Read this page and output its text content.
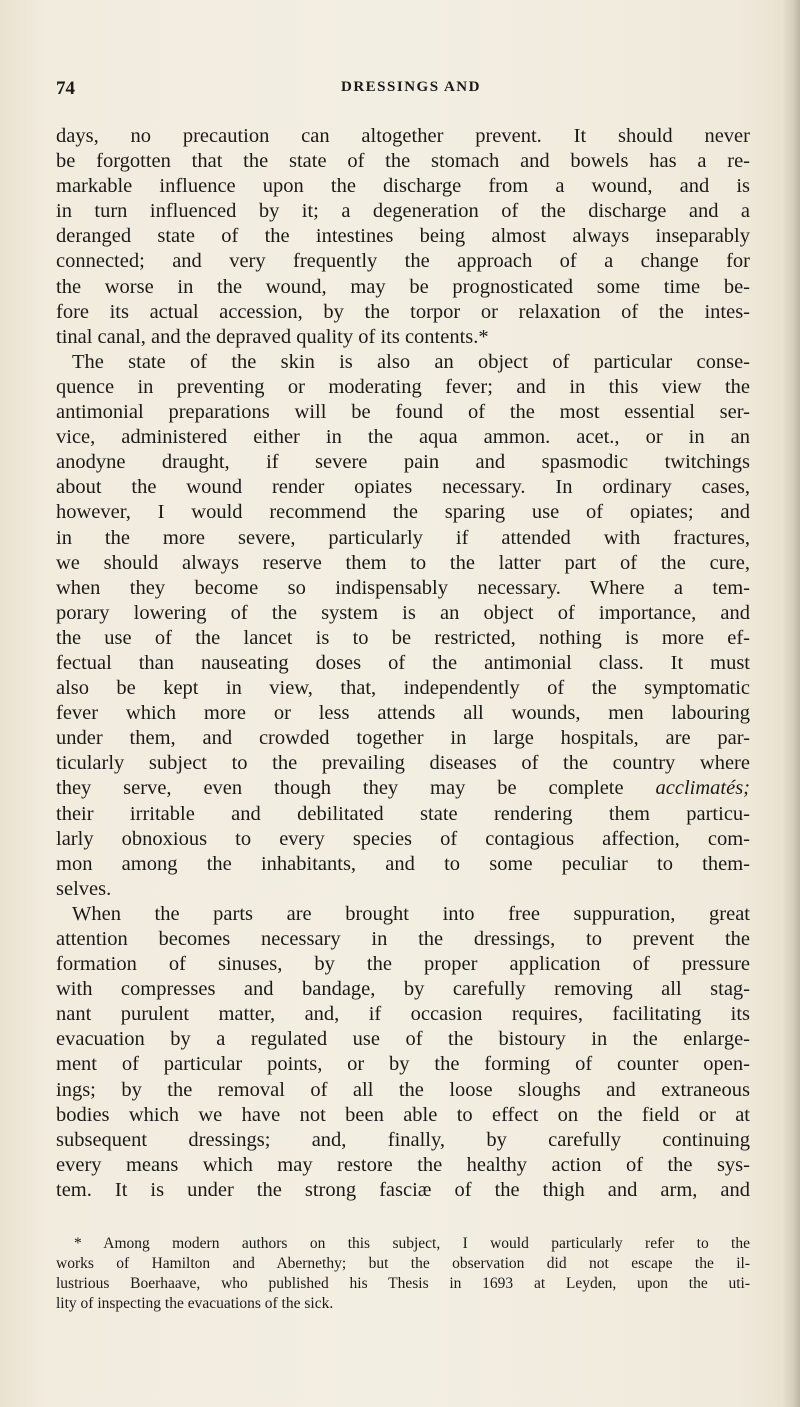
74	DRESSINGS AND
days, no precaution can altogether prevent. It should never
be forgotten that the state of the stomach and bowels has a re-
markable influence upon the discharge from a wound, and is
in turn influenced by it; a degeneration of the discharge and a
deranged state of the intestines being almost always inseparably
connected; and very frequently the approach of a change for
the worse in the wound, may be prognosticated some time be-
fore its actual accession, by the torpor or relaxation of the intes-
tinal canal, and the depraved quality of its contents.*
The state of the skin is also an object of particular conse-
quence in preventing or moderating fever; and in this view the
antimonial preparations will be found of the most essential ser-
vice, administered either in the aqua ammon. acet., or in an
anodyne draught, if severe pain and spasmodic twitchings
about the wound render opiates necessary. In ordinary cases,
however, I would recommend the sparing use of opiates; and
in the more severe, particularly if attended with fractures,
we should always reserve them to the latter part of the cure,
when they become so indispensably necessary. Where a tem-
porary lowering of the system is an object of importance, and
the use of the lancet is to be restricted, nothing is more ef-
fectual than nauseating doses of the antimonial class. It must
also be kept in view, that, independently of the symptomatic
fever which more or less attends all wounds, men labouring
under them, and crowded together in large hospitals, are par-
ticularly subject to the prevailing diseases of the country where
they serve, even though they may be complete acclimatés;
their irritable and debilitated state rendering them particu-
larly obnoxious to every species of contagious affection, com-
mon among the inhabitants, and to some peculiar to them-
selves.
When the parts are brought into free suppuration, great
attention becomes necessary in the dressings, to prevent the
formation of sinuses, by the proper application of pressure
with compresses and bandage, by carefully removing all stag-
nant purulent matter, and, if occasion requires, facilitating its
evacuation by a regulated use of the bistoury in the enlarge-
ment of particular points, or by the forming of counter open-
ings; by the removal of all the loose sloughs and extraneous
bodies which we have not been able to effect on the field or at
subsequent dressings; and, finally, by carefully continuing
every means which may restore the healthy action of the sys-
tem. It is under the strong fasciæ of the thigh and arm, and
* Among modern authors on this subject, I would particularly refer to the
works of Hamilton and Abernethy; but the observation did not escape the il-
lustrious Boerhaave, who published his Thesis in 1693 at Leyden, upon the uti-
lity of inspecting the evacuations of the sick.
